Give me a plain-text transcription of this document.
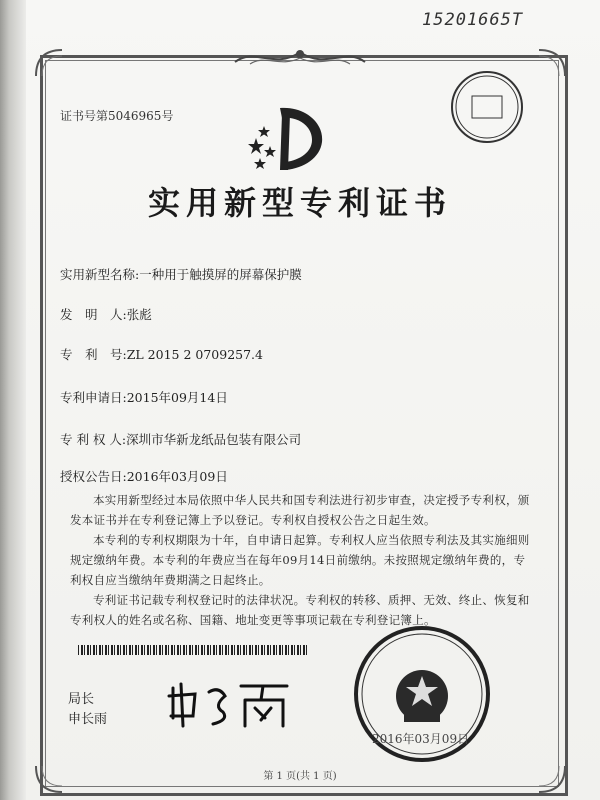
15201665T
证书号第5046965号
实用新型专利证书
实用新型名称:一种用于触摸屏的屏幕保护膜
发　明　人:张彪
专　利　号:ZL 2015 2 0709257.4
专利申请日:2015年09月14日
专 利 权 人:深圳市华新龙纸品包装有限公司
授权公告日:2016年03月09日
本实用新型经过本局依照中华人民共和国专利法进行初步审查，决定授予专利权，颁发本证书并在专利登记簿上予以登记。专利权自授权公告之日起生效。
本专利的专利权期限为十年，自申请日起算。专利权人应当依照专利法及其实施细则规定缴纳年费。本专利的年费应当在每年09月14日前缴纳。未按照规定缴纳年费的，专利权自应当缴纳年费期满之日起终止。
专利证书记载专利权登记时的法律状况。专利权的转移、质押、无效、终止、恢复和专利权人的姓名或名称、国籍、地址变更等事项记载在专利登记簿上。
局长
申长雨
2016年03月09日
第 1 页(共 1 页)
